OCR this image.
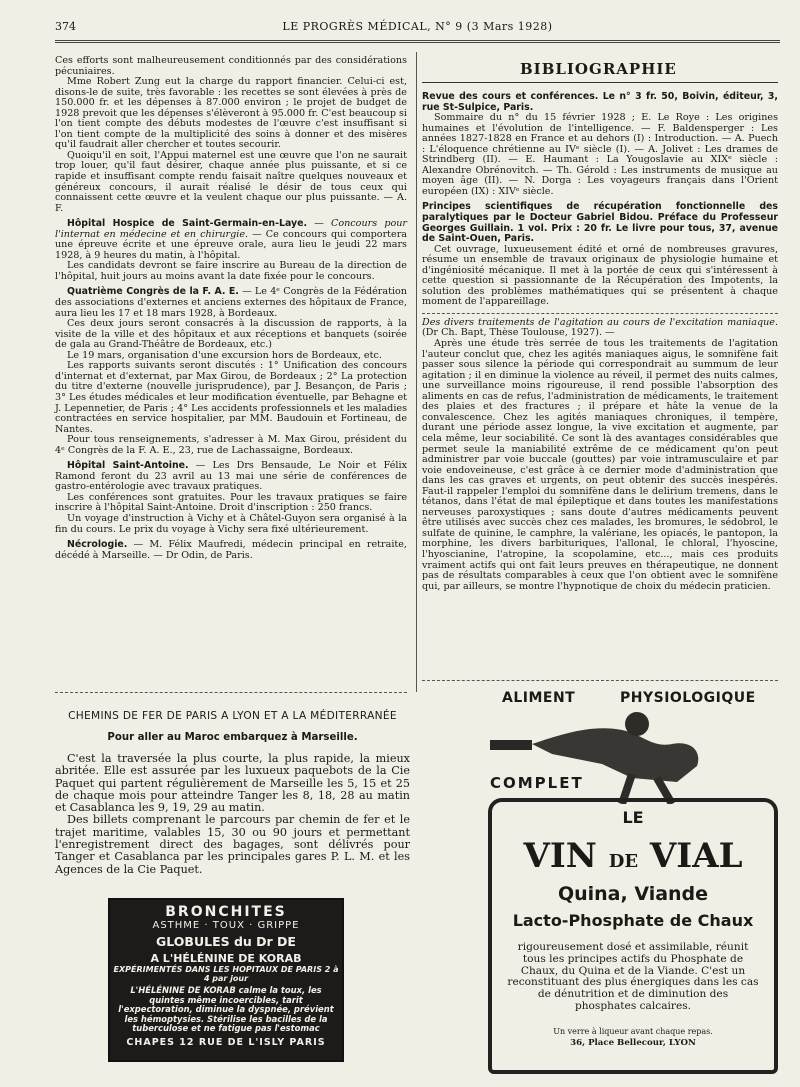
374	LE PROGRÈS MÉDICAL, N° 9 (3 Mars 1928)

Ces efforts sont malheureusement conditionnés par des considérations pécuniaires.

Mme Robert Zung eut la charge du rapport financier. Celui-ci est, disons-le de suite, très favorable : les recettes se sont élevées à près de 150.000 fr. et les dépenses à 87.000 environ ; le projet de budget de 1928 prevoit que les dépenses s'élèveront à 95.000 fr. C'est beaucoup si l'on tient compte des débuts modestes de l'œuvre c'est insuffisant si l'on tient compte de la multiplicité des soins à donner et des misères qu'il faudrait aller chercher et toutes secourir.

Quoiqu'il en soit, l'Appui maternel est une œuvre que l'on ne saurait trop louer, qu'il faut désirer, chaque année plus puissante, et si ce rapide et insuffisant compte rendu faisait naître quelques nouveaux et généreux concours, il aurait réalisé le désir de tous ceux qui connaissent cette œuvre et la veulent chaque our plus puissante. — A. F.

Hôpital Hospice de Saint-Germain-en-Laye. — Concours pour l'internat en médecine et en chirurgie. — Ce concours qui comportera une épreuve écrite et une épreuve orale, aura lieu le jeudi 22 mars 1928, à 9 heures du matin, à l'hôpital.

Les candidats devront se faire inscrire au Bureau de la direction de l'hôpital, huit jours au moins avant la date fixée pour le concours.

Quatrième Congrès de la F. A. E. — Le 4ᵉ Congrès de la Fédération des associations d'externes et anciens externes des hôpitaux de France, aura lieu les 17 et 18 mars 1928, à Bordeaux.

Ces deux jours seront consacrés à la discussion de rapports, à la visite de la ville et des hôpitaux et aux réceptions et banquets (soirée de gala au Grand-Théâtre de Bordeaux, etc.)

Le 19 mars, organisation d'une excursion hors de Bordeaux, etc.

Les rapports suivants seront discutés : 1° Unification des concours d'internat et d'externat, par Max Girou, de Bordeaux ; 2° La protection du titre d'externe (nouvelle jurisprudence), par J. Besançon, de Paris ; 3° Les études médicales et leur modification éventuelle, par Behagne et J. Lepennetier, de Paris ; 4° Les accidents professionnels et les maladies contractées en service hospitalier, par MM. Baudouin et Fortineau, de Nantes.

Pour tous renseignements, s'adresser à M. Max Girou, président du 4ᵉ Congrès de la F. A. E., 23, rue de Lachassaigne, Bordeaux.

Hôpital Saint-Antoine. — Les Drs Bensaude, Le Noir et Félix Ramond feront du 23 avril au 13 mai une série de conférences de gastro-entérologie avec travaux pratiques.

Les conférences sont gratuites. Pour les travaux pratiques se faire inscrire à l'hôpital Saint-Antoine. Droit d'inscription : 250 francs.

Un voyage d'instruction à Vichy et à Châtel-Guyon sera organisé à la fin du cours. Le prix du voyage à Vichy sera fixé ultérieurement.

Nécrologie. — M. Félix Maufredi, médecin principal en retraite, décédé à Marseille. — Dr Odin, de Paris.

CHEMINS DE FER DE PARIS A LYON ET A LA MÉDITERRANÉE
Pour aller au Maroc embarquez à Marseille.

C'est la traversée la plus courte, la plus rapide, la mieux abritée. Elle est assurée par les luxueux paquebots de la Cie Paquet qui partent régulièrement de Marseille les 5, 15 et 25 de chaque mois pour atteindre Tanger les 8, 18, 28 au matin et Casablanca les 9, 19, 29 au matin.

Des billets comprenant le parcours par chemin de fer et le trajet maritime, valables 15, 30 ou 90 jours et permettant l'enregistrement direct des bagages, sont délivrés pour Tanger et Casablanca par les principales gares P. L. M. et les Agences de la Cie Paquet.

BRONCHITES
ASTHME · TOUX · GRIPPE
GLOBULES du Dr DE
A L'HÉLÉNINE DE KORAB
EXPÉRIMENTÉS DANS LES HOPITAUX DE PARIS 2 à 4 par jour
L'HÉLÉNINE DE KORAB calme la toux, les quintes même incoercibles, tarit l'expectoration, diminue la dyspnée, prévient les hémoptysies. Stérilise les bacilles de la tuberculose et ne fatigue pas l'estomac
CHAPES 12 RUE DE L'ISLY PARIS
BIBLIOGRAPHIE

Revue des cours et conférences. Le n° 3 fr. 50, Boivin, éditeur, 3, rue St-Sulpice, Paris.

Sommaire du n° du 15 février 1928 ; E. Le Roye : Les origines humaines et l'évolution de l'intelligence. — F. Baldensperger : Les années 1827-1828 en France et au dehors (I) : Introduction. — A. Puech : L'éloquence chrétienne au IVᵉ siècle (I). — A. Jolivet : Les drames de Strindberg (II). — E. Haumant : La Yougoslavie au XIXᵉ siècle : Alexandre Obrénovitch. — Th. Gérold : Les instruments de musique au moyen âge (II). — N. Dorga : Les voyageurs français dans l'Orient européen (IX) : XIVᵉ siècle.

Principes scientifiques de récupération fonctionnelle des paralytiques par le Docteur Gabriel Bidou. Préface du Professeur Georges Guillain. 1 vol. Prix : 20 fr. Le livre pour tous, 37, avenue de Saint-Ouen, Paris.

Cet ouvrage, luxueusement édité et orné de nombreuses gravures, résume un ensemble de travaux originaux de physiologie humaine et d'ingéniosité mécanique. Il met à la portée de ceux qui s'intéressent à cette question si passionnante de la Récupération des Impotents, la solution des problèmes mathématiques qui se présentent à chaque moment de l'appareillage.

Des divers traitements de l'agitation au cours de l'excitation maniaque. (Dr Ch. Bapt, Thèse Toulouse, 1927). —

Après une étude très serrée de tous les traitements de l'agitation l'auteur conclut que, chez les agités maniaques aigus, le somnifène fait passer sous silence la période qui correspondrait au summum de leur agitation ; il en diminue la violence au réveil, il permet des nuits calmes, une surveillance moins rigoureuse, il rend possible l'absorption des aliments en cas de refus, l'administration de médicaments, le traitement des plaies et des fractures ; il prépare et hâte la venue de la convalescence. Chez les agités maniaques chroniques, il tempère, durant une période assez longue, la vive excitation et augmente, par cela même, leur sociabilité. Ce sont là des avantages considérables que permet seule la maniabilité extrême de ce médicament qu'on peut administrer par voie buccale (gouttes) par voie intramusculaire et par voie endoveineuse, c'est grâce à ce dernier mode d'administration que dans les cas graves et urgents, on peut obtenir des succès inespérés. Faut-il rappeler l'emploi du somnifène dans le delirium tremens, dans le tétanos, dans l'état de mal épileptique et dans toutes les manifestations nerveuses paroxystiques ; sans doute d'autres médicaments peuvent être utilisés avec succès chez ces malades, les bromures, le sédobrol, le sulfate de quinine, le camphre, la valériane, les opiacés, le pantopon, la morphine, les divers barbituriques, l'allonal, le chloral, l'hyoscine, l'hyoscianine, l'atropine, la scopolamine, etc..., mais ces produits vraiment actifs qui ont fait leurs preuves en thérapeutique, ne donnent pas de résultats comparables à ceux que l'on obtient avec le somnifène qui, par ailleurs, se montre l'hypnotique de choix du médecin praticien.

ALIMENT	PHYSIOLOGIQUE
COMPLET
LE
VIN DE VIAL
Quina, Viande
Lacto-Phosphate de Chaux
rigoureusement dosé et assimilable, réunit tous les principes actifs du Phosphate de Chaux, du Quina et de la Viande. C'est un reconstituant des plus énergiques dans les cas de dénutrition et de diminution des phosphates calcaires.
Un verre à liqueur avant chaque repas.
36, Place Bellecour, LYON
